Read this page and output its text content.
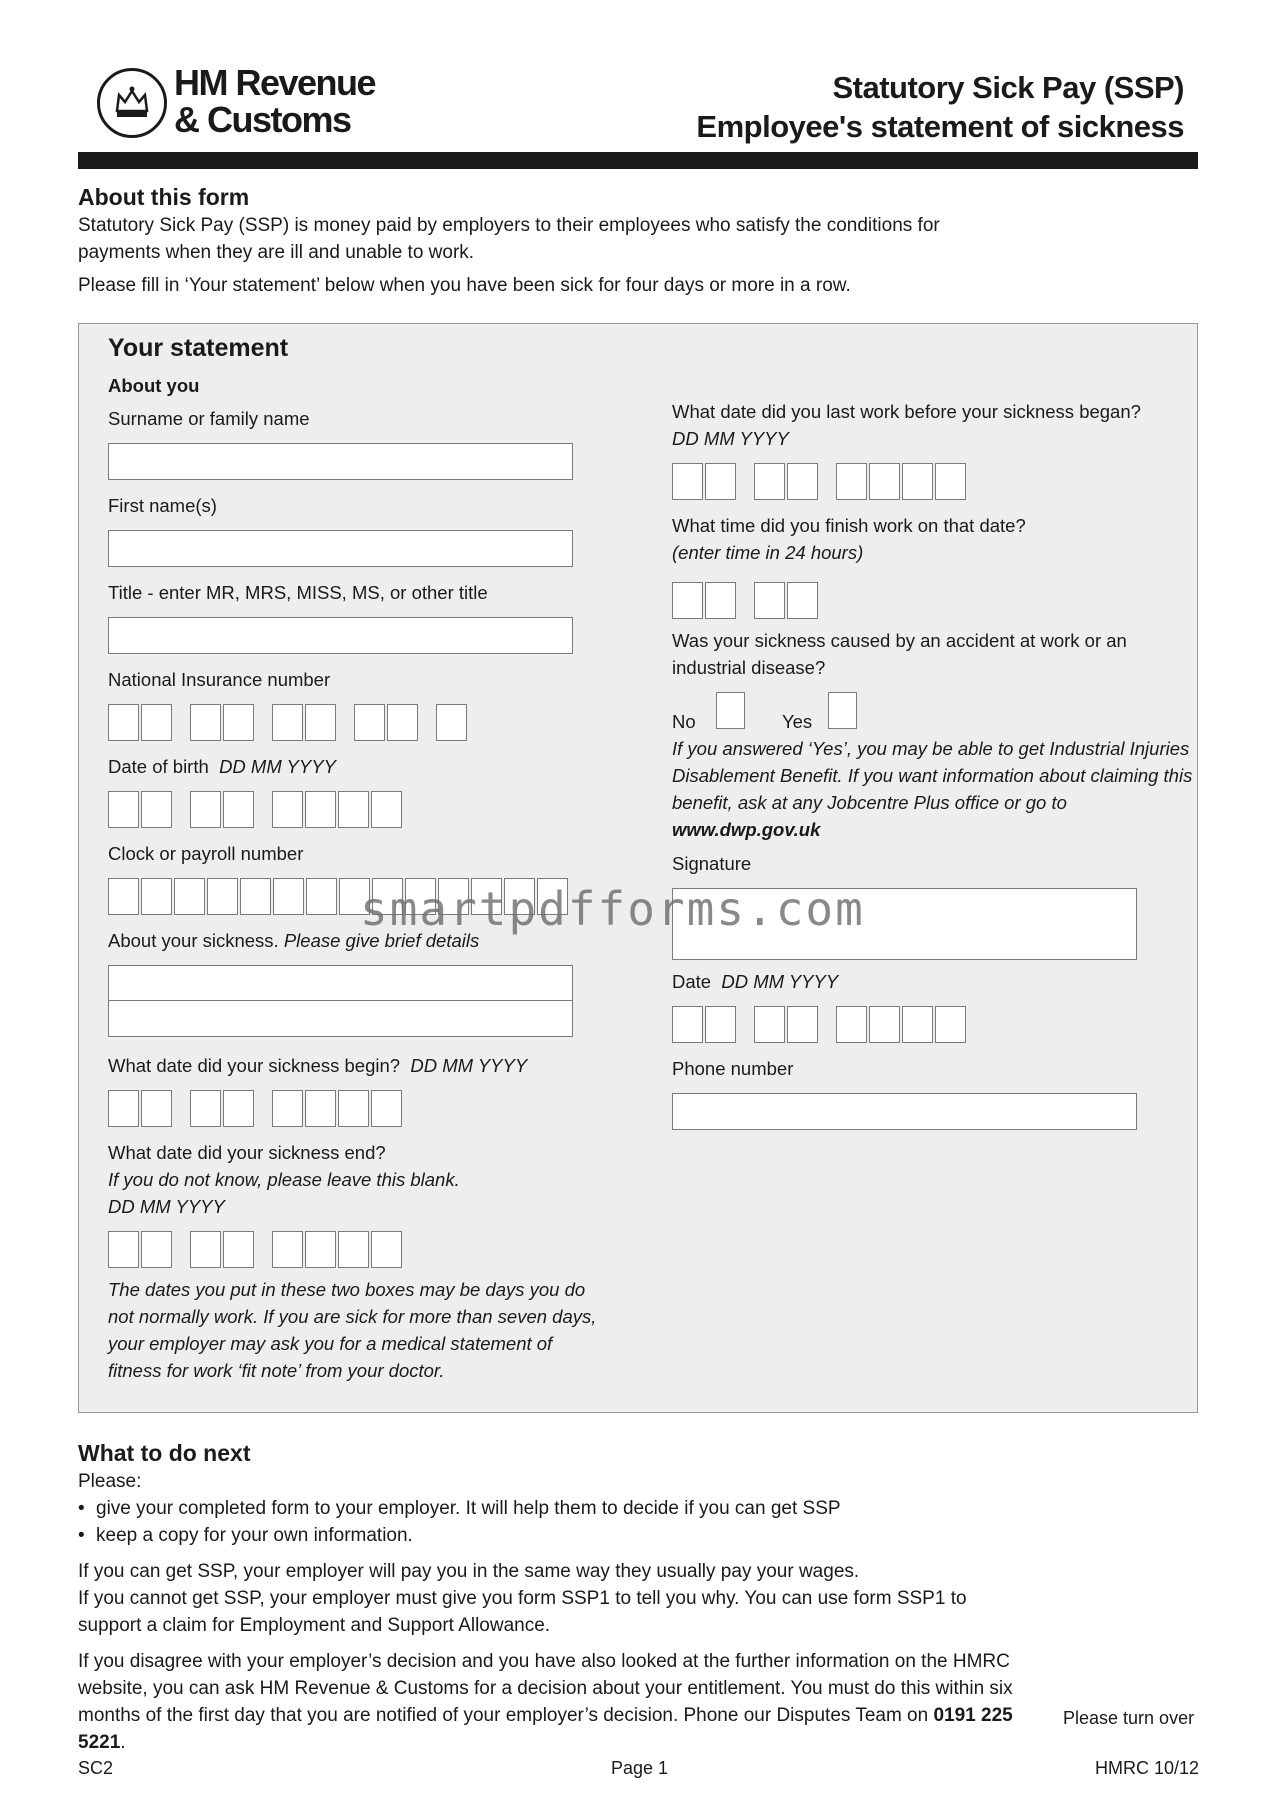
HM Revenue
& Customs
Statutory Sick Pay (SSP)
Employee's statement of sickness
About this form
Statutory Sick Pay (SSP) is money paid by employers to their employees who satisfy the conditions for payments when they are ill and unable to work.
Please fill in ‘Your statement’ below when you have been sick for four days or more in a row.
Your statement
About you
Surname or family name
First name(s)
Title - enter MR, MRS, MISS, MS, or other title
National Insurance number
Date of birth DD MM YYYY
Clock or payroll number
About your sickness. Please give brief details
What date did your sickness begin? DD MM YYYY
What date did your sickness end?
If you do not know, please leave this blank.
DD MM YYYY
The dates you put in these two boxes may be days you do not normally work. If you are sick for more than seven days, your employer may ask you for a medical statement of fitness for work ‘fit note’ from your doctor.
What date did you last work before your sickness began?
DD MM YYYY
What time did you finish work on that date?
(enter time in 24 hours)
Was your sickness caused by an accident at work or an industrial disease?
No	Yes
If you answered ‘Yes’, you may be able to get Industrial Injuries Disablement Benefit. If you want information about claiming this benefit, ask at any Jobcentre Plus office or go to www.dwp.gov.uk
Signature
Date DD MM YYYY
Phone number
smartpdfforms.com
What to do next
Please:
• give your completed form to your employer. It will help them to decide if you can get SSP
• keep a copy for your own information.
If you can get SSP, your employer will pay you in the same way they usually pay your wages.
If you cannot get SSP, your employer must give you form SSP1 to tell you why. You can use form SSP1 to support a claim for Employment and Support Allowance.
If you disagree with your employer’s decision and you have also looked at the further information on the HMRC website, you can ask HM Revenue & Customs for a decision about your entitlement. You must do this within six months of the first day that you are notified of your employer’s decision. Phone our Disputes Team on 0191 225 5221.
Please turn over
SC2	Page 1	HMRC 10/12
